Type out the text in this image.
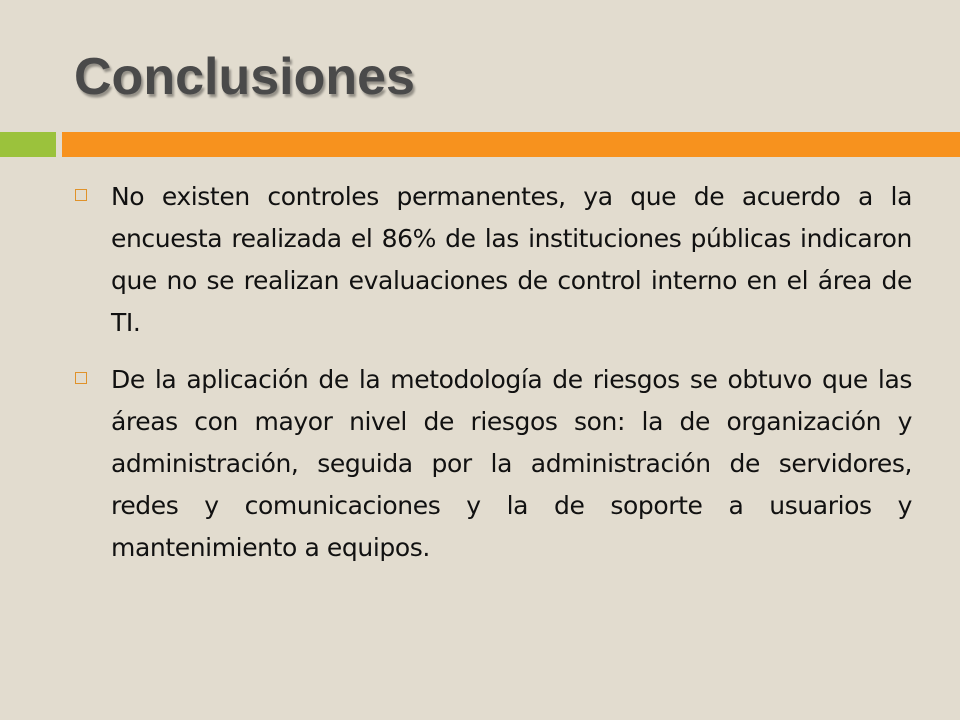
Conclusiones
No existen controles permanentes, ya que de acuerdo a la encuesta realizada el 86% de las instituciones públicas indicaron que no se realizan evaluaciones de control interno en el área de TI.
De la aplicación de la metodología de riesgos se obtuvo que las áreas con mayor nivel de riesgos son: la de organización y administración, seguida por la administración de servidores, redes y comunicaciones y la de soporte a usuarios y mantenimiento a equipos.
